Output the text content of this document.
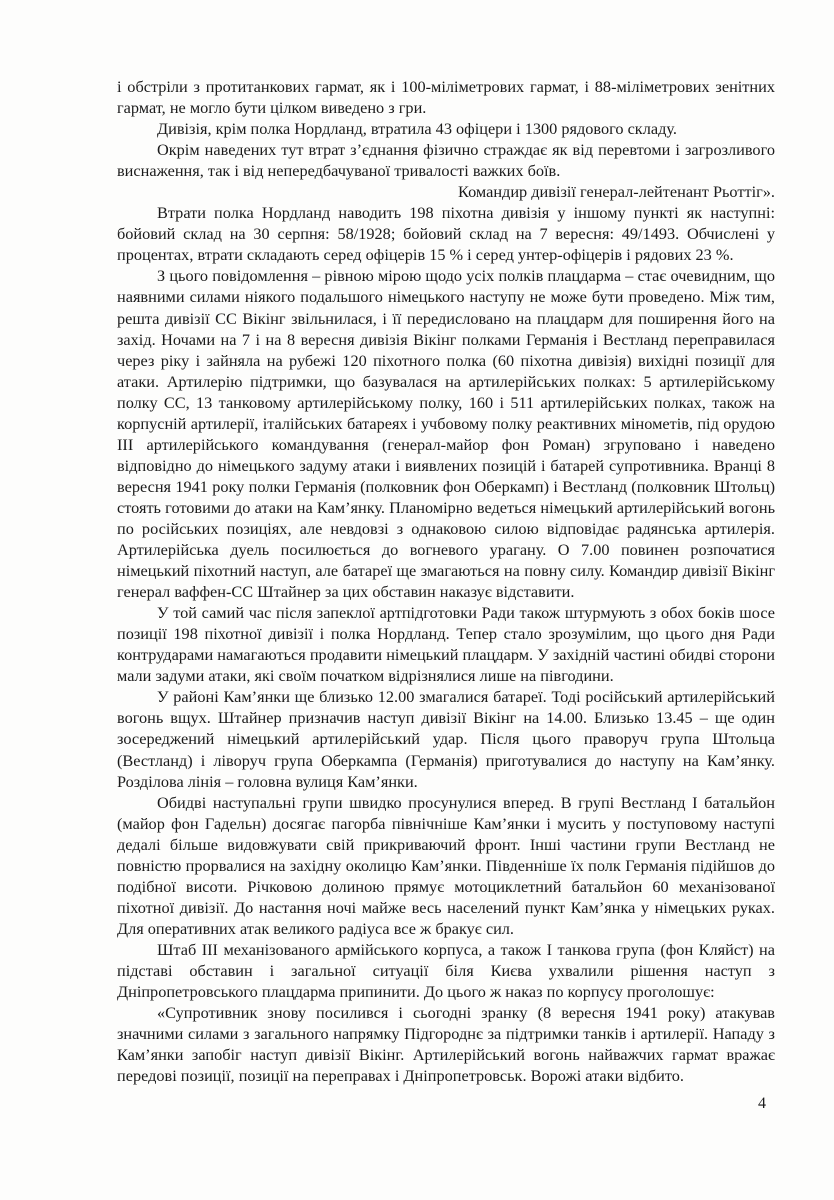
і обстріли з протитанкових гармат, як і 100-міліметрових гармат, і 88-міліметрових зенітних гармат, не могло бути цілком виведено з гри.

Дивізія, крім полка Нордланд, втратила 43 офіцери і 1300 рядового складу.

Окрім наведених тут втрат з’єднання фізично страждає як від перевтоми і загрозливого виснаження, так і від непередбачуваної тривалості важких боїв.

Командир дивізії генерал-лейтенант Рьоттіг».

Втрати полка Нордланд наводить 198 піхотна дивізія у іншому пункті як наступні: бойовий склад на 30 серпня: 58/1928; бойовий склад на 7 вересня: 49/1493. Обчислені у процентах, втрати складають серед офіцерів 15 % і серед унтер-офіцерів і рядових 23 %.

З цього повідомлення – рівною мірою щодо усіх полків плацдарма – стає очевидним, що наявними силами ніякого подальшого німецького наступу не може бути проведено. Між тим, решта дивізії СС Вікінг звільнилася, і її передисловано на плацдарм для поширення його на захід. Ночами на 7 і на 8 вересня дивізія Вікінг полками Германія і Вестланд переправилася через ріку і зайняла на рубежі 120 піхотного полка (60 піхотна дивізія) вихідні позиції для атаки. Артилерію підтримки, що базувалася на артилерійських полках: 5 артилерійському полку СС, 13 танковому артилерійському полку, 160 і 511 артилерійських полках, також на корпусній артилерії, італійських батареях і учбовому полку реактивних мінометів, під орудою III артилерійського командування (генерал-майор фон Роман) згруповано і наведено відповідно до німецького задуму атаки і виявлених позицій і батарей супротивника. Вранці 8 вересня 1941 року полки Германія (полковник фон Оберкамп) і Вестланд (полковник Штольц) стоять готовими до атаки на Кам’янку. Планомірно ведеться німецький артилерійський вогонь по російських позиціях, але невдовзі з однаковою силою відповідає радянська артилерія. Артилерійська дуель посилюється до вогневого урагану. О 7.00 повинен розпочатися німецький піхотний наступ, але батареї ще змагаються на повну силу. Командир дивізії Вікінг генерал ваффен-СС Штайнер за цих обставин наказує відставити.

У той самий час після запеклої артпідготовки Ради також штурмують з обох боків шосе позиції 198 піхотної дивізії і полка Нордланд. Тепер стало зрозумілим, що цього дня Ради контрударами намагаються продавити німецький плацдарм. У західній частині обидві сторони мали задуми атаки, які своїм початком відрізнялися лише на півгодини.

У районі Кам’янки ще близько 12.00 змагалися батареї. Тоді російський артилерійський вогонь вщух. Штайнер призначив наступ дивізії Вікінг на 14.00. Близько 13.45 – ще один зосереджений німецький артилерійський удар. Після цього праворуч група Штольца (Вестланд) і ліворуч група Оберкампа (Германія) приготувалися до наступу на Кам’янку. Розділова лінія – головна вулиця Кам’янки.

Обидві наступальні групи швидко просунулися вперед. В групі Вестланд І батальйон (майор фон Гадельн) досягає пагорба північніше Кам’янки і мусить у поступовому наступі дедалі більше видовжувати свій прикриваючий фронт. Інші частини групи Вестланд не повністю прорвалися на західну околицю Кам’янки. Південніше їх полк Германія підійшов до подібної висоти. Річковою долиною прямує мотоциклетний батальйон 60 механізованої піхотної дивізії. До настання ночі майже весь населений пункт Кам’янка у німецьких руках. Для оперативних атак великого радіуса все ж бракує сил.

Штаб III механізованого армійського корпуса, а також І танкова група (фон Кляйст) на підставі обставин і загальної ситуації біля Києва ухвалили рішення наступ з Дніпропетровського плацдарма припинити. До цього ж наказ по корпусу проголошує:

«Супротивник знову посилився і сьогодні зранку (8 вересня 1941 року) атакував значними силами з загального напрямку Підгороднє за підтримки танків і артилерії. Нападу з Кам’янки запобіг наступ дивізії Вікінг. Артилерійський вогонь найважчих гармат вражає передові позиції, позиції на переправах і Дніпропетровськ. Ворожі атаки відбито.

4
